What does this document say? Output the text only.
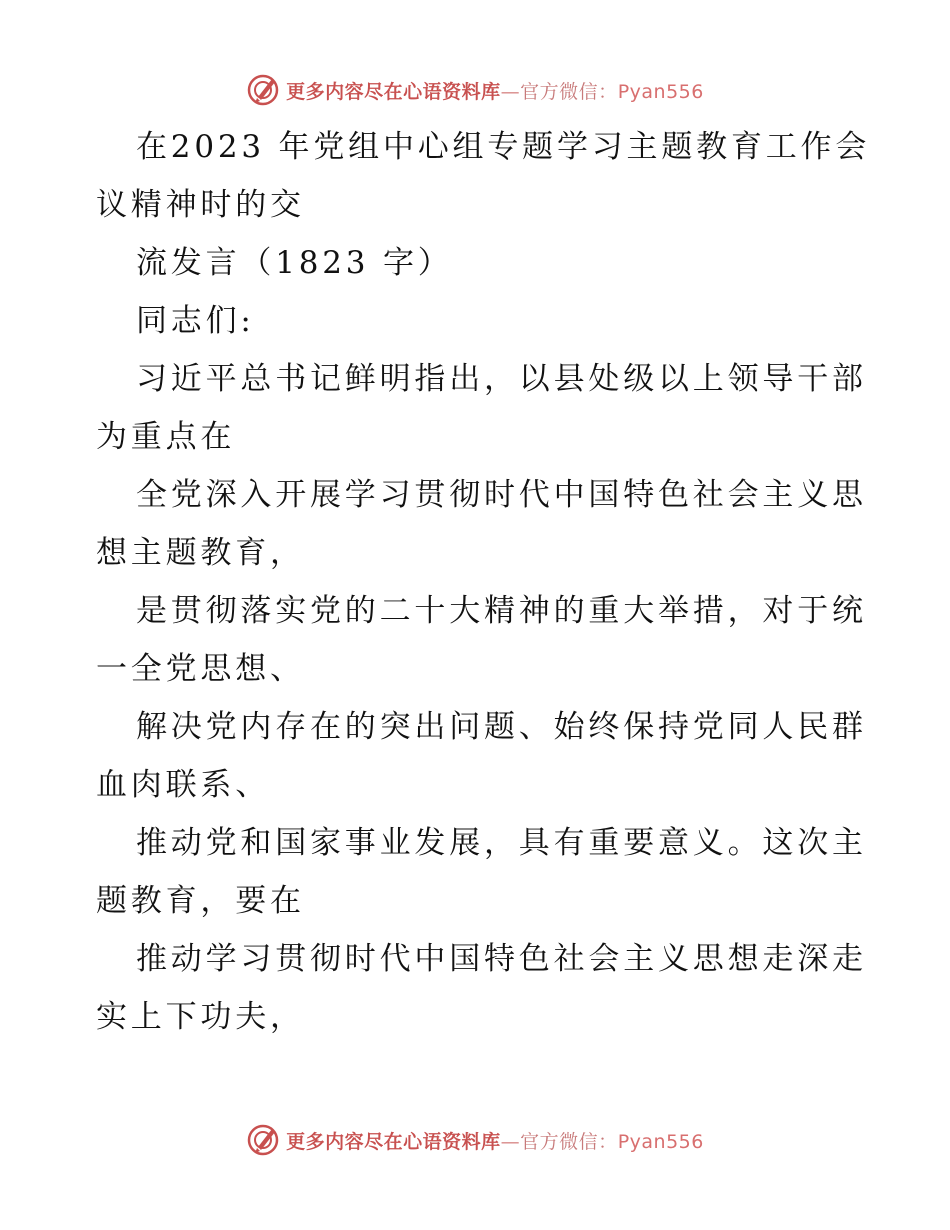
更多内容尽在心语资料库—官方微信：Pyan556
在2023 年党组中心组专题学习主题教育工作会
议精神时的交
流发言（1823 字）
同志们:
习近平总书记鲜明指出，以县处级以上领导干部
为重点在
全党深入开展学习贯彻时代中国特色社会主义思
想主题教育，
是贯彻落实党的二十大精神的重大举措，对于统
一全党思想、
解决党内存在的突出问题、始终保持党同人民群
血肉联系、
推动党和国家事业发展，具有重要意义。这次主
题教育，要在
推动学习贯彻时代中国特色社会主义思想走深走
实上下功夫，
更多内容尽在心语资料库—官方微信：Pyan556
